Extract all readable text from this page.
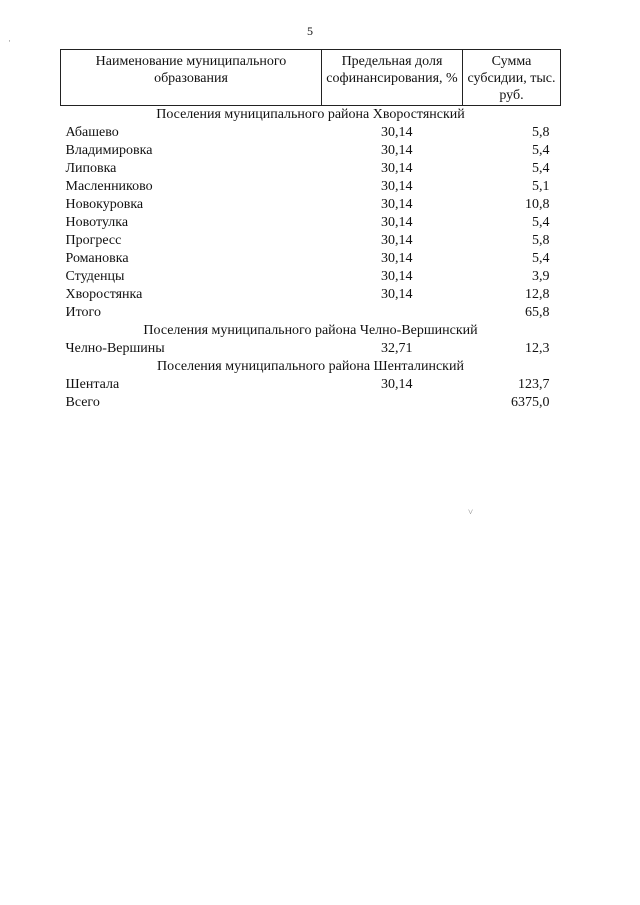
5
Наименование муниципального образования	Предельная доля софинансирования, %	Сумма субсидии, тыс. руб.
Поселения муниципального района Хворостянский		
Абашево	30,14	5,8
Владимировка	30,14	5,4
Липовка	30,14	5,4
Масленниково	30,14	5,1
Новокуровка	30,14	10,8
Новотулка	30,14	5,4
Прогресс	30,14	5,8
Романовка	30,14	5,4
Студенцы	30,14	3,9
Хворостянка	30,14	12,8
Итого		65,8
Поселения муниципального района Челно-Вершинский		
Челно-Вершины	32,71	12,3
Поселения муниципального района Шенталинский		
Шентала	30,14	123,7
Всего		6375,0
˅
·
